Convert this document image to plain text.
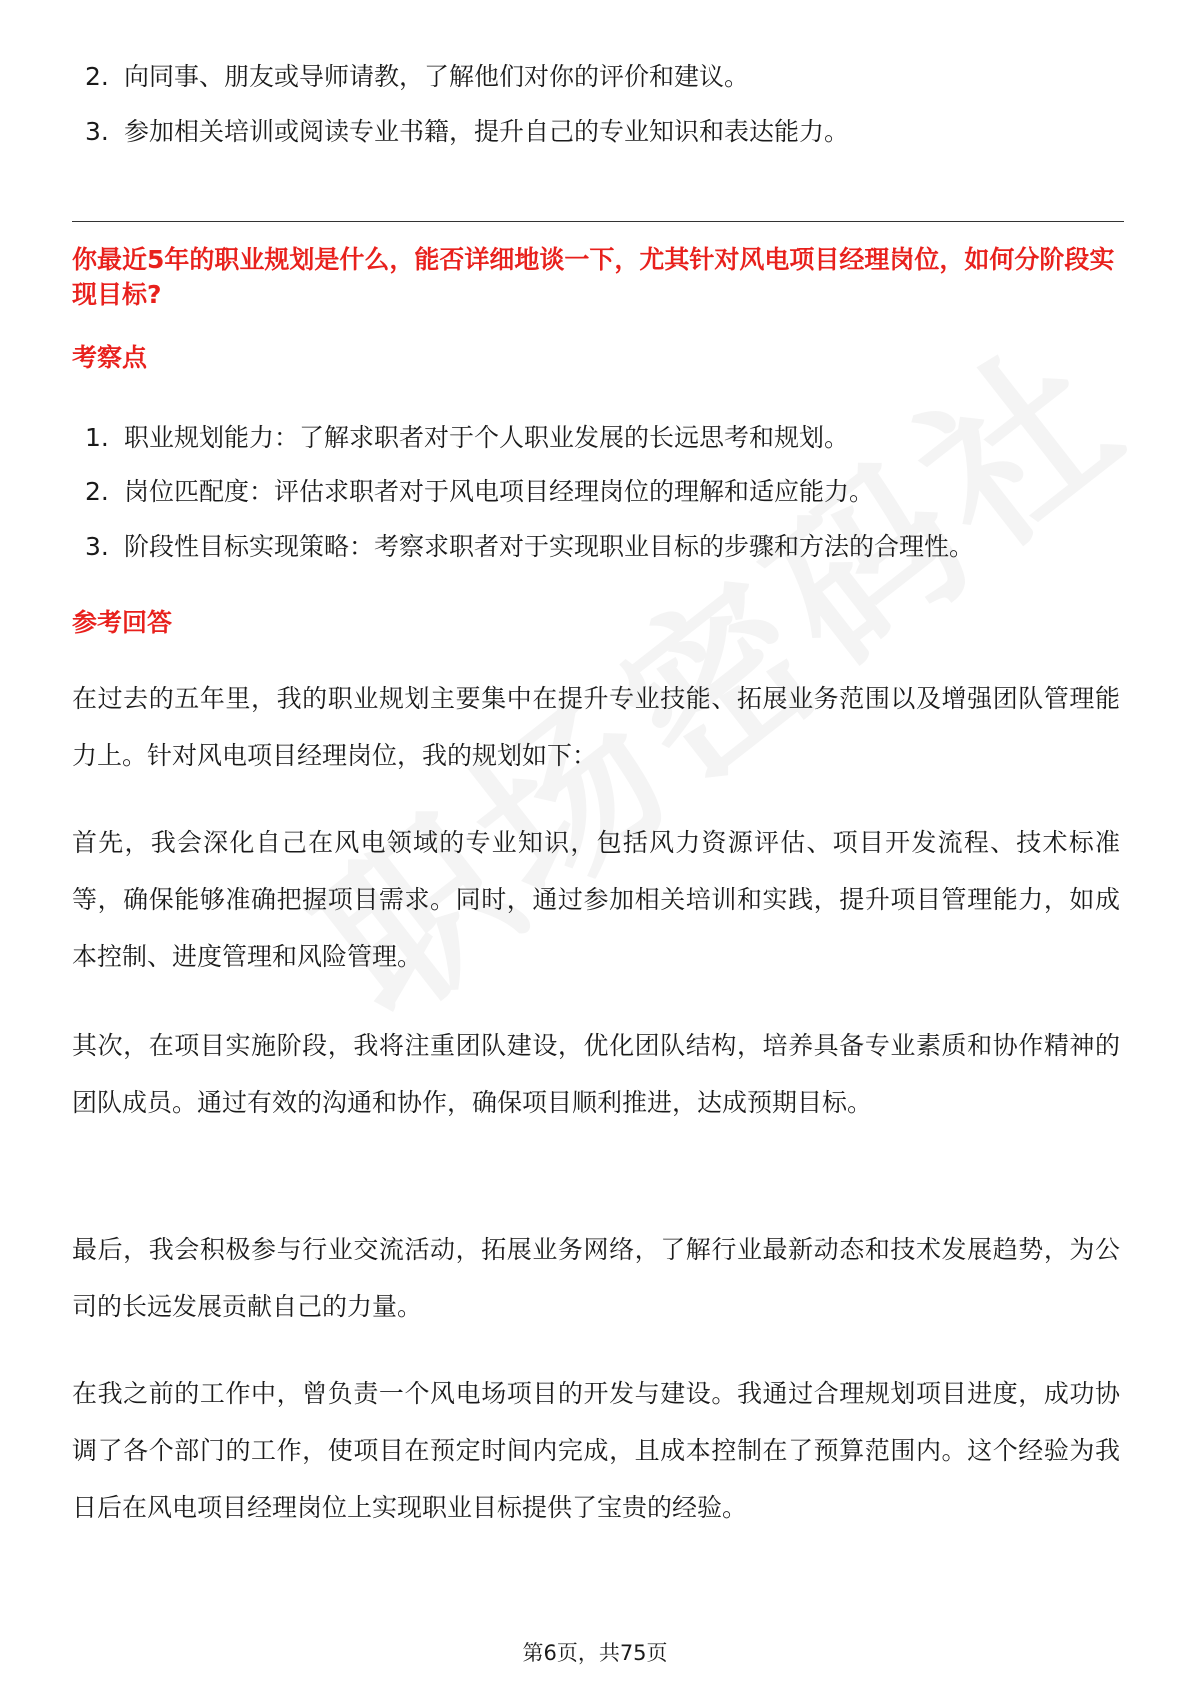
2. 向同事、朋友或导师请教，了解他们对你的评价和建议。
3. 参加相关培训或阅读专业书籍，提升自己的专业知识和表达能力。
你最近5年的职业规划是什么，能否详细地谈一下，尤其针对风电项目经理岗位，如何分阶段实现目标?
考察点
1. 职业规划能力：了解求职者对于个人职业发展的长远思考和规划。
2. 岗位匹配度：评估求职者对于风电项目经理岗位的理解和适应能力。
3. 阶段性目标实现策略：考察求职者对于实现职业目标的步骤和方法的合理性。
参考回答

在过去的五年里，我的职业规划主要集中在提升专业技能、拓展业务范围以及增强团队管理能力上。针对风电项目经理岗位，我的规划如下：

首先，我会深化自己在风电领域的专业知识，包括风力资源评估、项目开发流程、技术标准等，确保能够准确把握项目需求。同时，通过参加相关培训和实践，提升项目管理能力，如成本控制、进度管理和风险管理。

其次，在项目实施阶段，我将注重团队建设，优化团队结构，培养具备专业素质和协作精神的团队成员。通过有效的沟通和协作，确保项目顺利推进，达成预期目标。

最后，我会积极参与行业交流活动，拓展业务网络，了解行业最新动态和技术发展趋势，为公司的长远发展贡献自己的力量。

在我之前的工作中，曾负责一个风电场项目的开发与建设。我通过合理规划项目进度，成功协调了各个部门的工作，使项目在预定时间内完成，且成本控制在了预算范围内。这个经验为我日后在风电项目经理岗位上实现职业目标提供了宝贵的经验。

第6页，共75页
